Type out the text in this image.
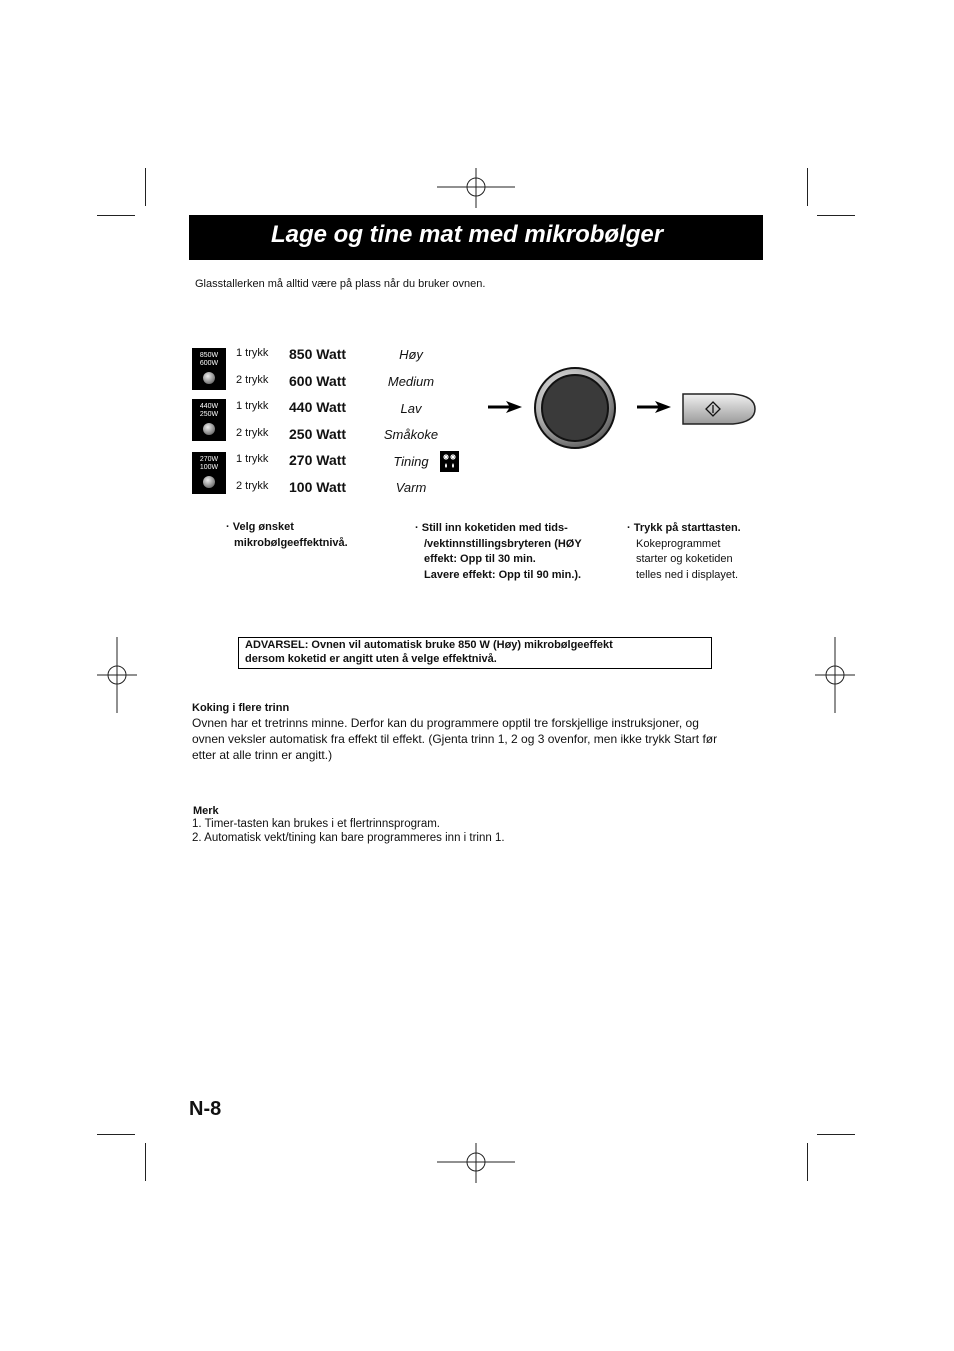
Lage og tine mat med mikrobølger
Glasstallerken må alltid være på plass når du bruker ovnen.
850W
600W
440W
250W
270W
100W
1 trykk 850 Watt	Høy
2 trykk 600 Watt	Medium
1 trykk 440 Watt	Lav
2 trykk 250 Watt	Småkoke
1 trykk 270 Watt	Tining
2 trykk 100 Watt	Varm
· Velg ønsket
mikrobølgeeffektnivå.
· Still inn koketiden med tids-
/vektinnstillingsbryteren (HØY
effekt: Opp til 30 min.
Lavere effekt: Opp til 90 min.).
· Trykk på starttasten.
Kokeprogrammet
starter og koketiden
telles ned i displayet.
ADVARSEL: Ovnen vil automatisk bruke 850 W (Høy) mikrobølgeeffekt
dersom koketid er angitt uten å velge effektnivå.
Koking i flere trinn
Ovnen har et tretrinns minne. Derfor kan du programmere opptil tre forskjellige instruksjoner, og
ovnen veksler automatisk fra effekt til effekt. (Gjenta trinn 1, 2 og 3 ovenfor, men ikke trykk Start før
etter at alle trinn er angitt.)
Merk
1. Timer-tasten kan brukes i et flertrinnsprogram.
2. Automatisk vekt/tining kan bare programmeres inn i trinn 1.
N-8
